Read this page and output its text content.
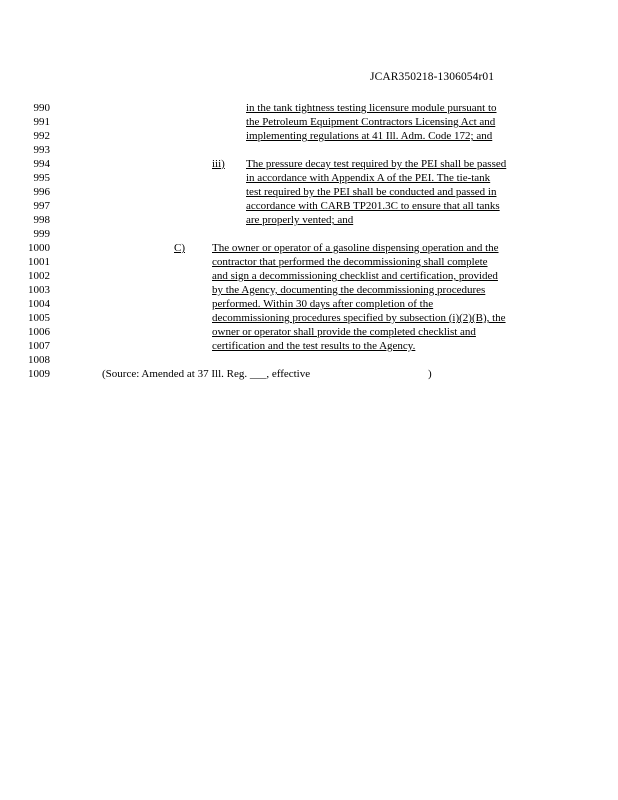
JCAR350218-1306054r01
990
991
992
993
994
995
996
997
998
999
1000
1001
1002
1003
1004
1005
1006
1007
1008
1009
in the tank tightness testing licensure module pursuant to
the Petroleum Equipment Contractors Licensing Act and
implementing regulations at 41 Ill. Adm. Code 172; and
iii) The pressure decay test required by the PEI shall be passed
in accordance with Appendix A of the PEI. The tie-tank
test required by the PEI shall be conducted and passed in
accordance with CARB TP201.3C to ensure that all tanks
are properly vented; and
C) The owner or operator of a gasoline dispensing operation and the
contractor that performed the decommissioning shall complete
and sign a decommissioning checklist and certification, provided
by the Agency, documenting the decommissioning procedures
performed. Within 30 days after completion of the
decommissioning procedures specified by subsection (i)(2)(B), the
owner or operator shall provide the completed checklist and
certification and the test results to the Agency.
(Source: Amended at 37 Ill. Reg. ___, effective	)
